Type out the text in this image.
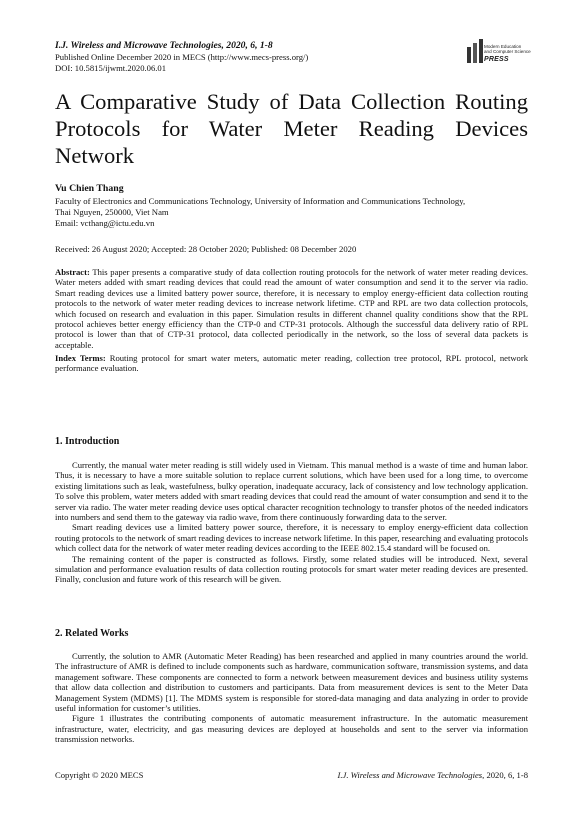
I.J. Wireless and Microwave Technologies, 2020, 6, 1-8
Published Online December 2020 in MECS (http://www.mecs-press.org/)
DOI: 10.5815/ijwmt.2020.06.01
Modern Education
and Computer Science
PRESS
A Comparative Study of Data Collection Routing Protocols for Water Meter Reading Devices Network
Vu Chien Thang
Faculty of Electronics and Communications Technology, University of Information and Communications Technology,
Thai Nguyen, 250000, Viet Nam
Email: vcthang@ictu.edu.vn
Received: 26 August 2020; Accepted: 28 October 2020; Published: 08 December 2020

Abstract: This paper presents a comparative study of data collection routing protocols for the network of water meter reading devices. Water meters added with smart reading devices that could read the amount of water consumption and send it to the server via radio. Smart reading devices use a limited battery power source, therefore, it is necessary to employ energy-efficient data collection routing protocols to the network of water meter reading devices to increase network lifetime. CTP and RPL are two data collection protocols, which focused on research and evaluation in this paper. Simulation results in different channel quality conditions show that the RPL protocol achieves better energy efficiency than the CTP-0 and CTP-31 protocols. Although the successful data delivery ratio of RPL protocol is lower than that of CTP-31 protocol, data collected periodically in the network, so the loss of several data packets is acceptable.

Index Terms: Routing protocol for smart water meters, automatic meter reading, collection tree protocol, RPL protocol, network performance evaluation.

1. Introduction

Currently, the manual water meter reading is still widely used in Vietnam. This manual method is a waste of time and human labor. Thus, it is necessary to have a more suitable solution to replace current solutions, which have been used for a long time, to overcome existing limitations such as leak, wastefulness, bulky operation, inadequate accuracy, lack of consistency and low technology application. To solve this problem, water meters added with smart reading devices that could read the amount of water consumption and send it to the server via radio. The water meter reading device uses optical character recognition technology to transfer photos of the needed indicators into numbers and send them to the gateway via radio wave, from there continuously forwarding data to the server.

Smart reading devices use a limited battery power source, therefore, it is necessary to employ energy-efficient data collection routing protocols to the network of smart reading devices to increase network lifetime. In this paper, researching and evaluating protocols which collect data for the network of water meter reading devices according to the IEEE 802.15.4 standard will be focused on.

The remaining content of the paper is constructed as follows. Firstly, some related studies will be introduced. Next, several simulation and performance evaluation results of data collection routing protocols for smart water meter reading devices are presented. Finally, conclusion and future work of this research will be given.

2. Related Works

Currently, the solution to AMR (Automatic Meter Reading) has been researched and applied in many countries around the world. The infrastructure of AMR is defined to include components such as hardware, communication software, transmission systems, and data management software. These components are connected to form a network between measurement devices and business utility systems that allow data collection and distribution to customers and participants. Data from measurement devices is sent to the Meter Data Management System (MDMS) [1]. The MDMS system is responsible for stored-data managing and data analyzing in order to provide useful information for customer’s utilities.

Figure 1 illustrates the contributing components of automatic measurement infrastructure. In the automatic measurement infrastructure, water, electricity, and gas measuring devices are deployed at households and sent to the server via information transmission networks.

Copyright © 2020 MECS	I.J. Wireless and Microwave Technologies, 2020, 6, 1-8
